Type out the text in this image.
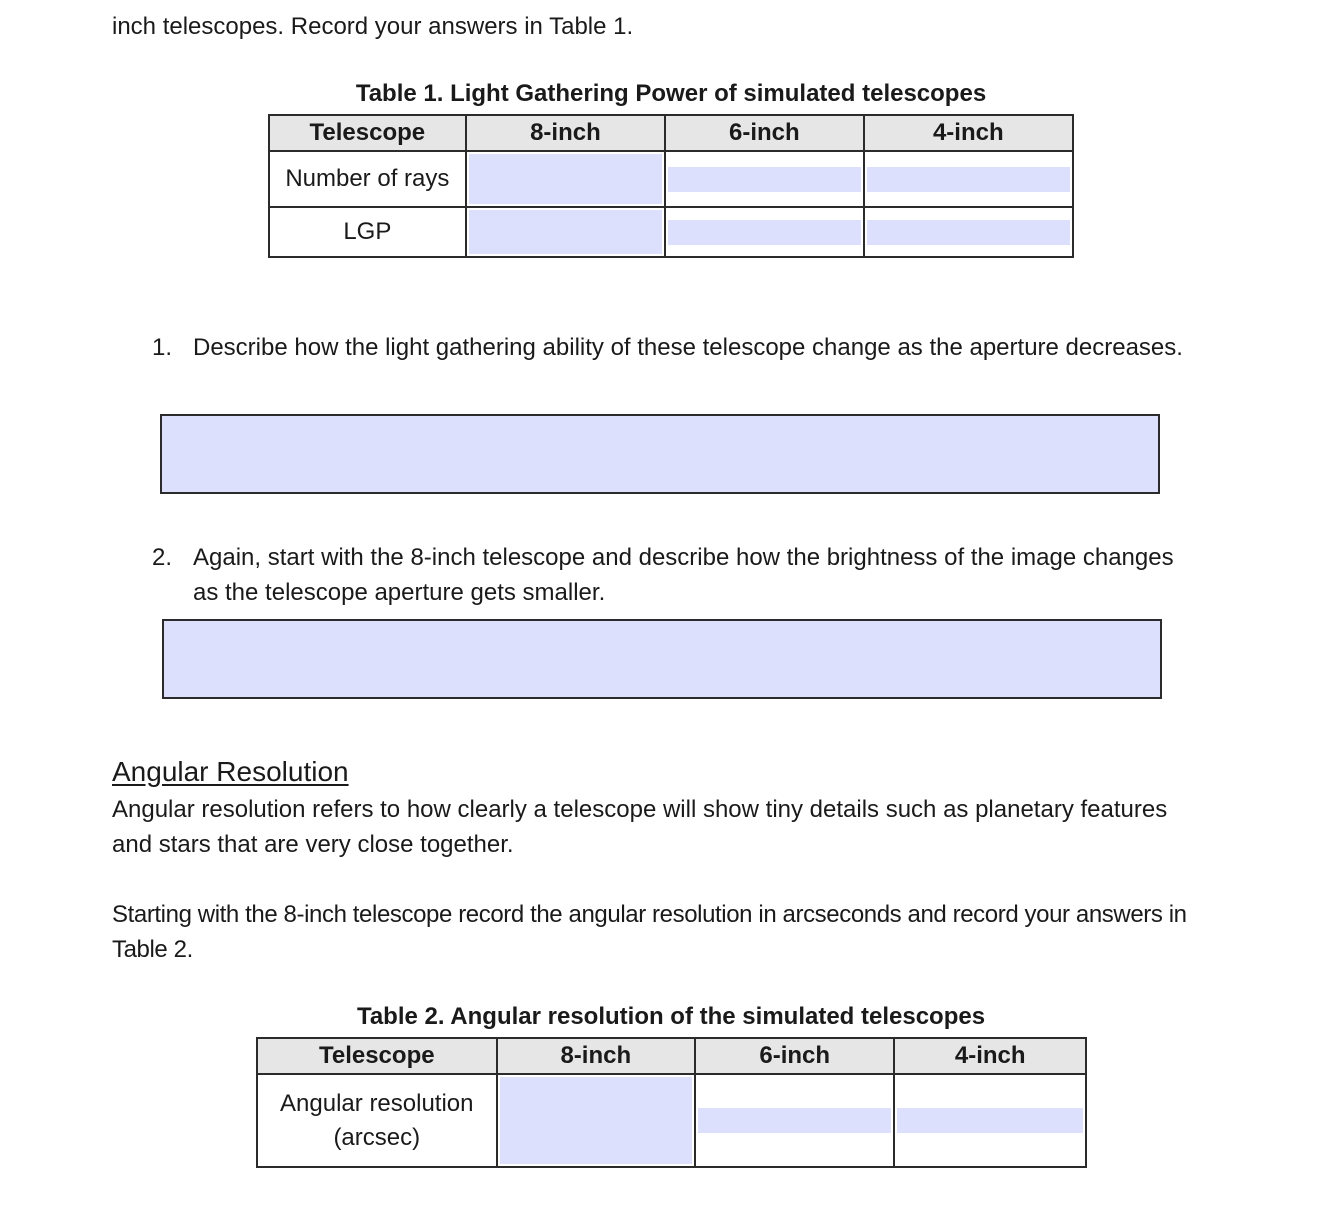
inch telescopes. Record your answers in Table 1.

Table 1. Light Gathering Power of simulated telescopes
Telescope	8-inch	6-inch	4-inch
Number of rays	

LGP	

1. Describe how the light gathering ability of these telescope change as the aperture decreases.
2. Again, start with the 8-inch telescope and describe how the brightness of the image changes as the telescope aperture gets smaller.
Angular Resolution

Angular resolution refers to how clearly a telescope will show tiny details such as planetary features and stars that are very close together.

Starting with the 8-inch telescope record the angular resolution in arcseconds and record your answers in Table 2.

Table 2. Angular resolution of the simulated telescopes
Telescope	8-inch	6-inch	4-inch

Angular resolution
(arcsec)
